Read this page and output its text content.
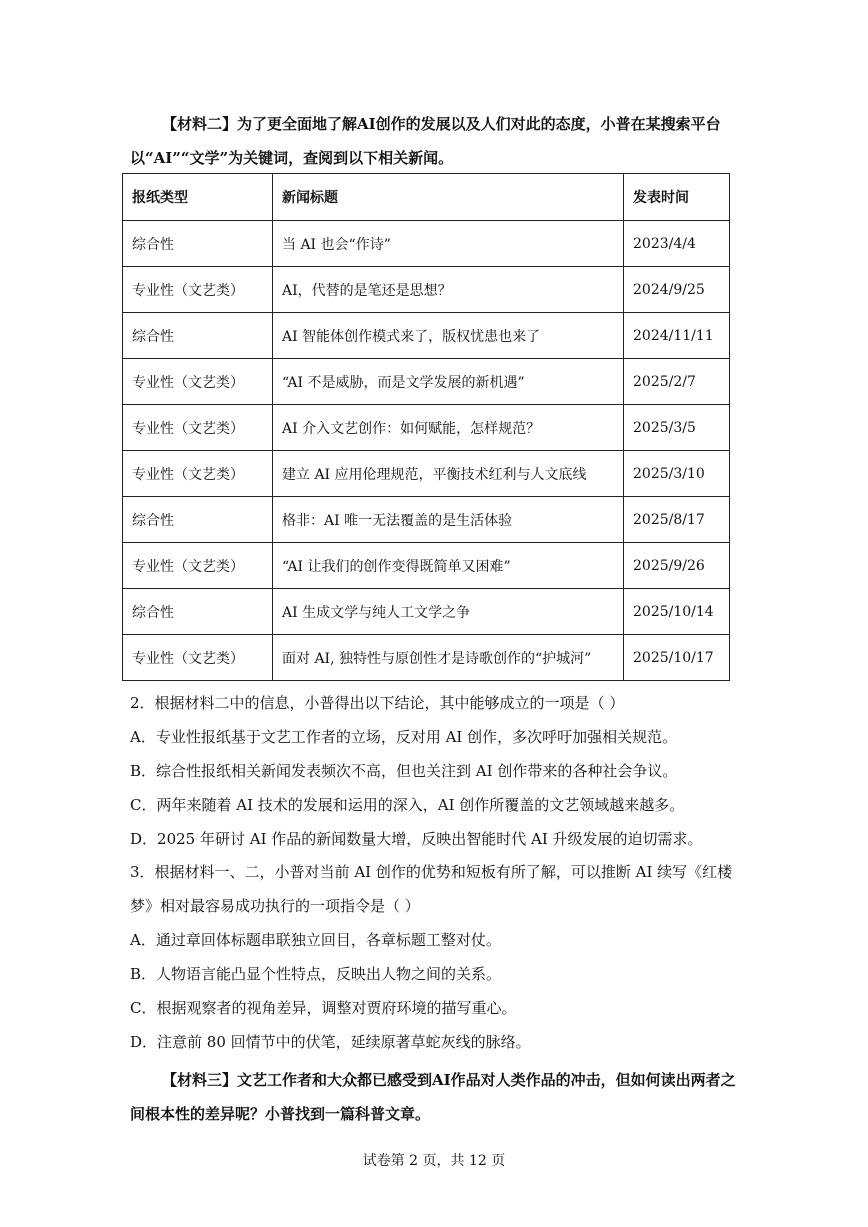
【材料二】为了更全面地了解AI创作的发展以及人们对此的态度，小普在某搜索平台以“AI”“文学”为关键词，查阅到以下相关新闻。
报纸类型	新闻标题	发表时间
综合性	当 AI 也会“作诗”	2023/4/4
专业性（文艺类）	AI，代替的是笔还是思想？	2024/9/25
综合性	AI 智能体创作模式来了，版权忧患也来了	2024/11/11
专业性（文艺类）	“AI 不是威胁，而是文学发展的新机遇”	2025/2/7
专业性（文艺类）	AI 介入文艺创作：如何赋能，怎样规范？	2025/3/5
专业性（文艺类）	建立 AI 应用伦理规范，平衡技术红利与人文底线	2025/3/10
综合性	格非：AI 唯一无法覆盖的是生活体验	2025/8/17
专业性（文艺类）	“AI 让我们的创作变得既简单又困难”	2025/9/26
综合性	AI 生成文学与纯人工文学之争	2025/10/14
专业性（文艺类）	面对 AI, 独特性与原创性才是诗歌创作的“护城河”	2025/10/17

2．根据材料二中的信息，小普得出以下结论，其中能够成立的一项是（ ）

A．专业性报纸基于文艺工作者的立场，反对用 AI 创作，多次呼吁加强相关规范。

B．综合性报纸相关新闻发表频次不高，但也关注到 AI 创作带来的各种社会争议。

C．两年来随着 AI 技术的发展和运用的深入，AI 创作所覆盖的文艺领域越来越多。

D．2025 年研讨 AI 作品的新闻数量大增，反映出智能时代 AI 升级发展的迫切需求。

3．根据材料一、二，小普对当前 AI 创作的优势和短板有所了解，可以推断 AI 续写《红楼梦》相对最容易成功执行的一项指令是（ ）

A．通过章回体标题串联独立回目，各章标题工整对仗。

B．人物语言能凸显个性特点，反映出人物之间的关系。

C．根据观察者的视角差异，调整对贾府环境的描写重心。

D．注意前 80 回情节中的伏笔，延续原著草蛇灰线的脉络。

【材料三】文艺工作者和大众都已感受到AI作品对人类作品的冲击，但如何读出两者之间根本性的差异呢？小普找到一篇科普文章。
试卷第 2 页，共 12 页
